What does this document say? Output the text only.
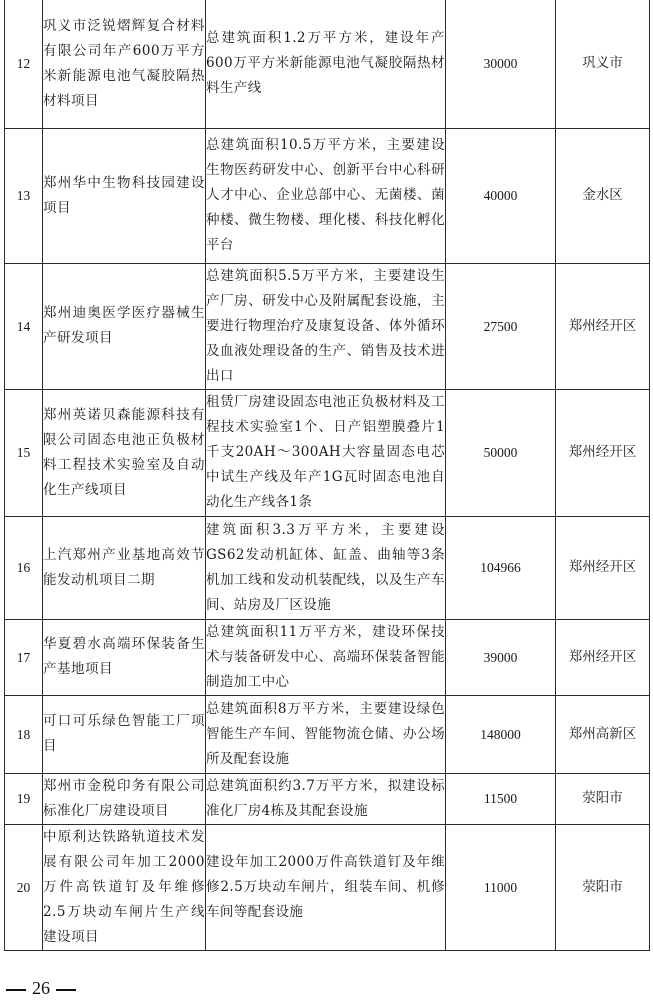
12	巩义市泛锐熠辉复合材料有限公司年产600万平方米新能源电池气凝胶隔热材料项目	总建筑面积1.2万平方米，建设年产600万平方米新能源电池气凝胶隔热材料生产线	30000	巩义市
13	郑州华中生物科技园建设项目	总建筑面积10.5万平方米，主要建设生物医药研发中心、创新平台中心科研人才中心、企业总部中心、无菌楼、菌种楼、微生物楼、理化楼、科技化孵化平台	40000	金水区
14	郑州迪奥医学医疗器械生产研发项目	总建筑面积5.5万平方米，主要建设生产厂房、研发中心及附属配套设施，主要进行物理治疗及康复设备、体外循环及血液处理设备的生产、销售及技术进出口	27500	郑州经开区
15	郑州英诺贝森能源科技有限公司固态电池正负极材料工程技术实验室及自动化生产线项目	租赁厂房建设固态电池正负极材料及工程技术实验室1个、日产铝塑膜叠片1千支20AH～300AH大容量固态电芯中试生产线及年产1G瓦时固态电池自动化生产线各1条	50000	郑州经开区
16	上汽郑州产业基地高效节能发动机项目二期	建筑面积3.3万平方米，主要建设GS62发动机缸体、缸盖、曲轴等3条机加工线和发动机装配线，以及生产车间、站房及厂区设施	104966	郑州经开区
17	华夏碧水高端环保装备生产基地项目	总建筑面积11万平方米，建设环保技术与装备研发中心、高端环保装备智能制造加工中心	39000	郑州经开区
18	可口可乐绿色智能工厂项目	总建筑面积8万平方米，主要建设绿色智能生产车间、智能物流仓储、办公场所及配套设施	148000	郑州高新区
19	郑州市金税印务有限公司标准化厂房建设项目	总建筑面积约3.7万平方米，拟建设标准化厂房4栋及其配套设施	11500	荥阳市
20	中原利达铁路轨道技术发展有限公司年加工2000万件高铁道钉及年维修2.5万块动车闸片生产线建设项目	建设年加工2000万件高铁道钉及年维修2.5万块动车闸片，组装车间、机修车间等配套设施	11000	荥阳市
26
